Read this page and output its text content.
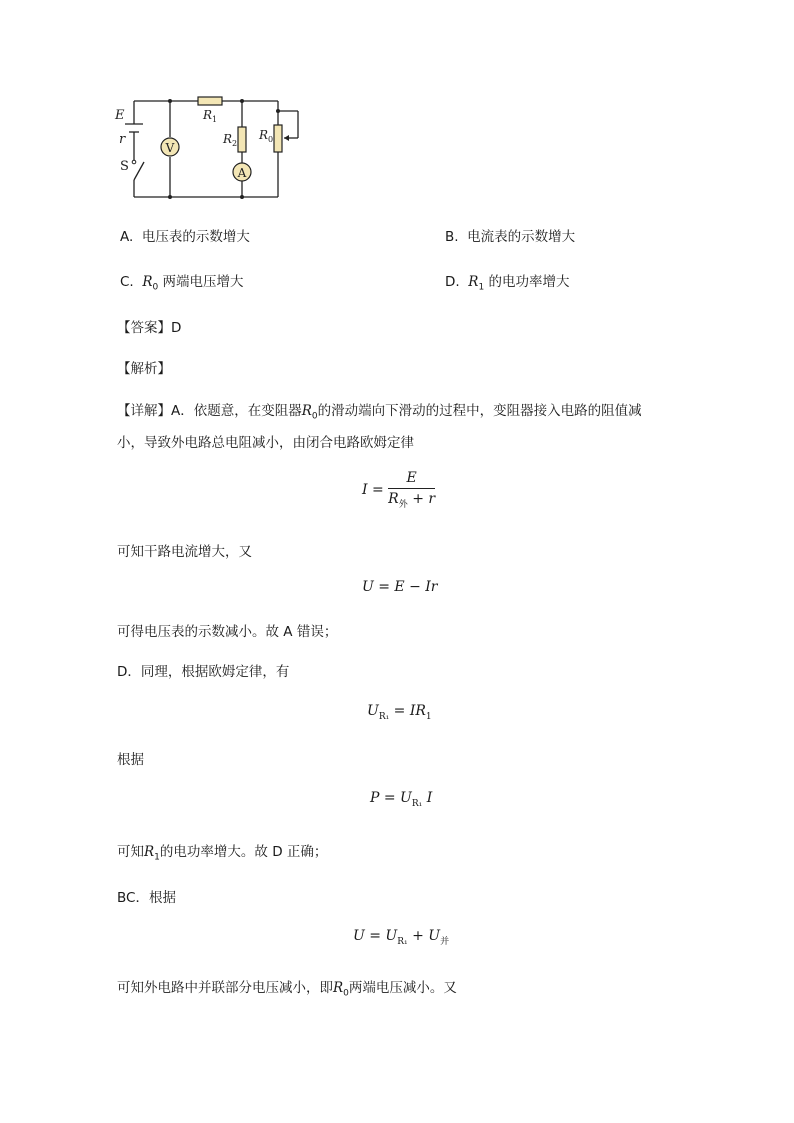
V
A
E
r
S
$R_1$
$R_2$
$R_0$
A. 电压表的示数增大	B. 电流表的示数增大
C. $R_0$ 两端电压增大	D. $R_1$ 的电功率增大
【答案】D
【解析】
【详解】A．依题意，在变阻器$R_0$的滑动端向下滑动的过程中，变阻器接入电路的阻值减
小，导致外电路总电阻减小，由闭合电路欧姆定律
$I = \frac{E}{R_外 + r}$
可知干路电流增大，又
U = E − Ir
可得电压表的示数减小。故 A 错误；
D．同理，根据欧姆定律，有
$U_{R_1} = IR_1$
根据
$P = U_{R_1}$ I
可知$R_1$的电功率增大。故 D 正确；
BC．根据
$U = U_{R_1} + U_并$
可知外电路中并联部分电压减小，即$R_0$两端电压减小。又
